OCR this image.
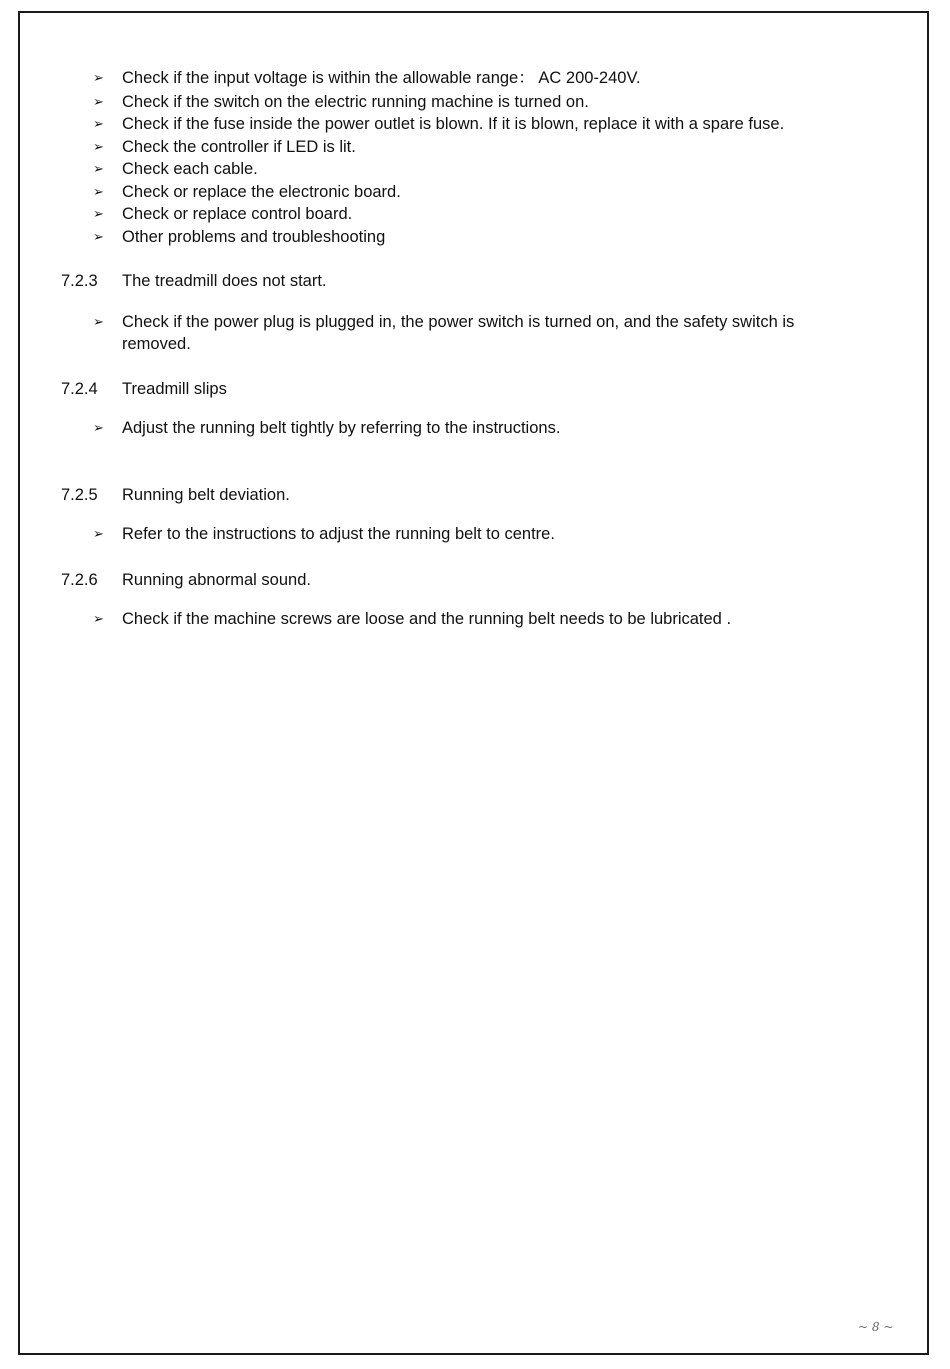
➢ Check if the input voltage is within the allowable range： AC 200-240V.
➢ Check if the switch on the electric running machine is turned on.
➢ Check if the fuse inside the power outlet is blown. If it is blown, replace it with a spare fuse.
➢ Check the controller if LED is lit.
➢ Check each cable.
➢ Check or replace the electronic board.
➢ Check or replace control board.
➢ Other problems and troubleshooting
7.2.3 The treadmill does not start.
➢ Check if the power plug is plugged in, the power switch is turned on, and the safety switch is removed.
7.2.4 Treadmill slips
➢ Adjust the running belt tightly by referring to the instructions.
7.2.5 Running belt deviation.
➢ Refer to the instructions to adjust the running belt to centre.
7.2.6 Running abnormal sound.
➢ Check if the machine screws are loose and the running belt needs to be lubricated .
~ 8 ~
